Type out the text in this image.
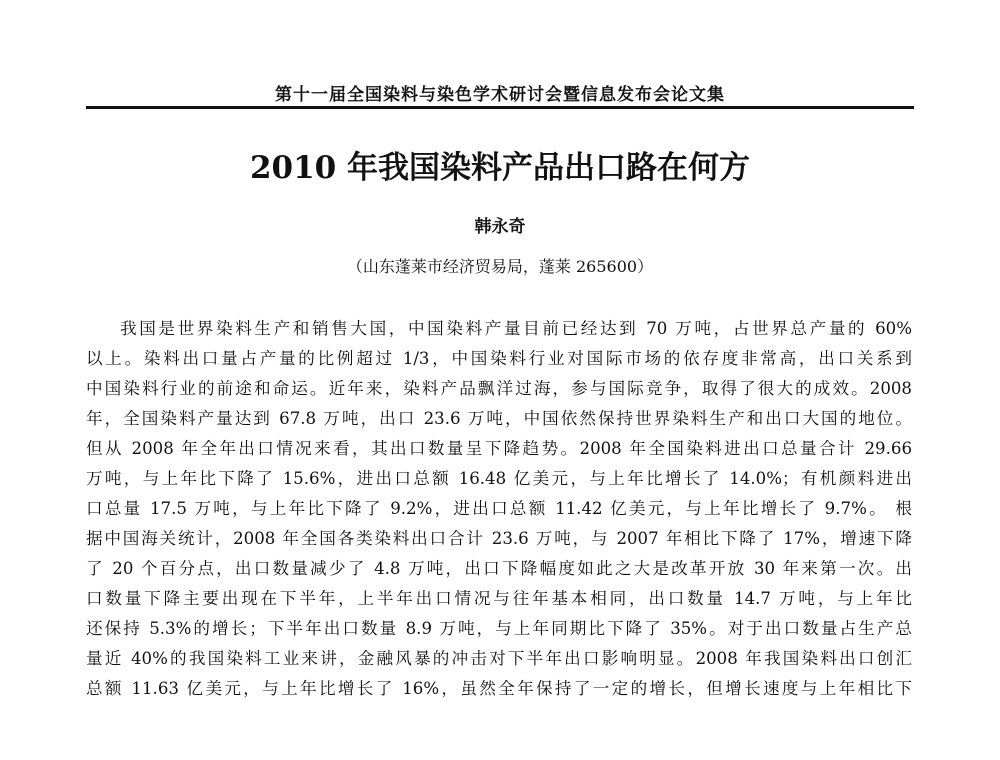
第十一届全国染料与染色学术研讨会暨信息发布会论文集
2010 年我国染料产品出口路在何方
韩永奇
（山东蓬莱市经济贸易局，蓬莱 265600）
我国是世界染料生产和销售大国，中国染料产量目前已经达到 70 万吨，占世界总产量的 60%
以上。染料出口量占产量的比例超过 1/3，中国染料行业对国际市场的依存度非常高，出口关系到
中国染料行业的前途和命运。近年来，染料产品飘洋过海，参与国际竞争，取得了很大的成效。2008
年，全国染料产量达到 67.8 万吨，出口 23.6 万吨，中国依然保持世界染料生产和出口大国的地位。
但从 2008 年全年出口情况来看，其出口数量呈下降趋势。2008 年全国染料进出口总量合计 29.66
万吨，与上年比下降了 15.6%，进出口总额 16.48 亿美元，与上年比增长了 14.0%；有机颜料进出
口总量 17.5 万吨，与上年比下降了 9.2%，进出口总额 11.42 亿美元，与上年比增长了 9.7%。 根
据中国海关统计，2008 年全国各类染料出口合计 23.6 万吨，与 2007 年相比下降了 17%，增速下降
了 20 个百分点，出口数量减少了 4.8 万吨，出口下降幅度如此之大是改革开放 30 年来第一次。出
口数量下降主要出现在下半年，上半年出口情况与往年基本相同，出口数量 14.7 万吨，与上年比
还保持 5.3%的增长；下半年出口数量 8.9 万吨，与上年同期比下降了 35%。对于出口数量占生产总
量近 40%的我国染料工业来讲，金融风暴的冲击对下半年出口影响明显。2008 年我国染料出口创汇
总额 11.63 亿美元，与上年比增长了 16%，虽然全年保持了一定的增长，但增长速度与上年相比下
